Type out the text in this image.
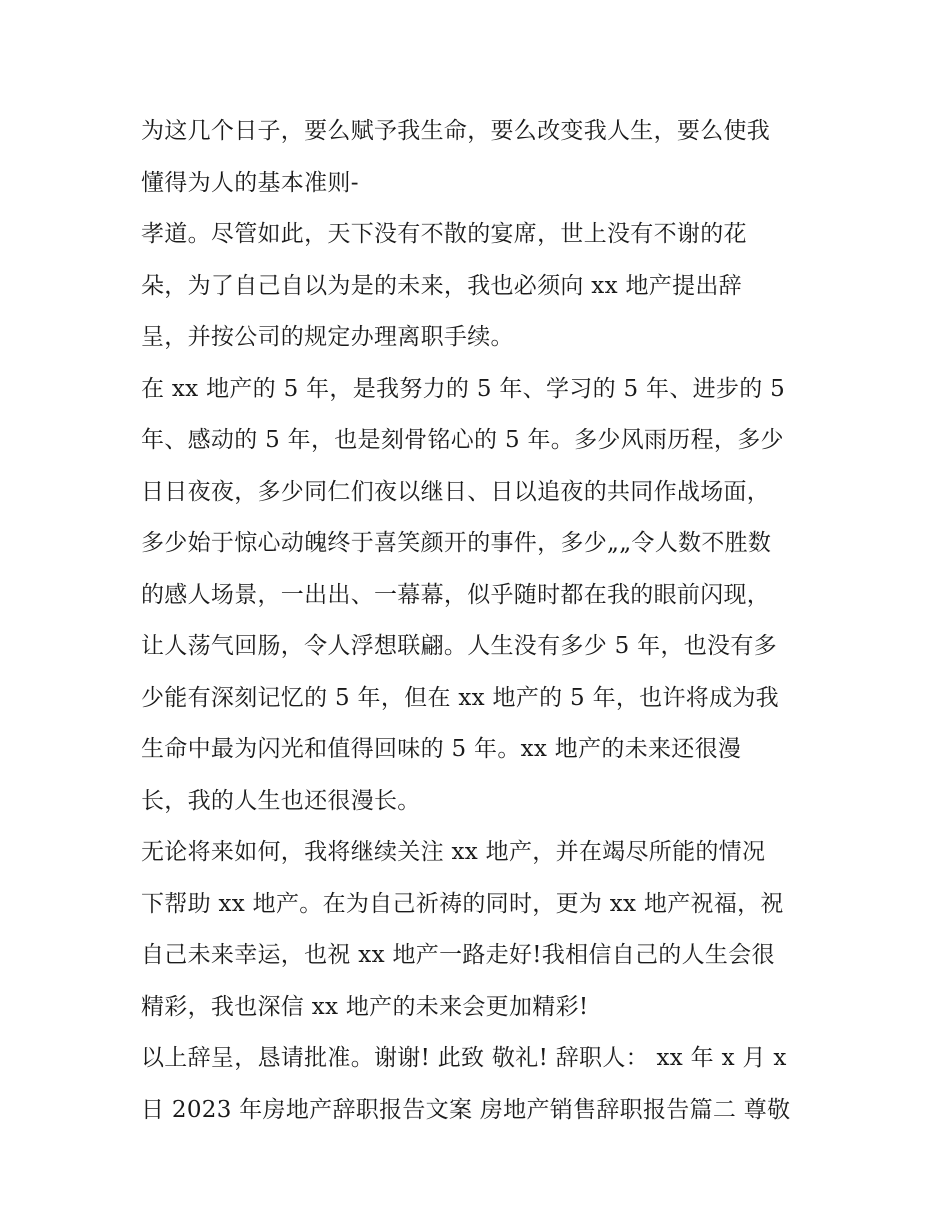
为这几个日子，要么赋予我生命，要么改变我人生，要么使我
懂得为人的基本准则-
孝道。尽管如此，天下没有不散的宴席，世上没有不谢的花
朵，为了自己自以为是的未来，我也必须向 xx 地产提出辞
呈，并按公司的规定办理离职手续。
在 xx 地产的 5 年，是我努力的 5 年、学习的 5 年、进步的 5
年、感动的 5 年，也是刻骨铭心的 5 年。多少风雨历程，多少
日日夜夜，多少同仁们夜以继日、日以追夜的共同作战场面，
多少始于惊心动魄终于喜笑颜开的事件，多少„„令人数不胜数
的感人场景，一出出、一幕幕，似乎随时都在我的眼前闪现，
让人荡气回肠，令人浮想联翩。人生没有多少 5 年，也没有多
少能有深刻记忆的 5 年，但在 xx 地产的 5 年，也许将成为我
生命中最为闪光和值得回味的 5 年。xx 地产的未来还很漫
长，我的人生也还很漫长。
无论将来如何，我将继续关注 xx 地产，并在竭尽所能的情况
下帮助 xx 地产。在为自己祈祷的同时，更为 xx 地产祝福，祝
自己未来幸运，也祝 xx 地产一路走好!我相信自己的人生会很
精彩，我也深信 xx 地产的未来会更加精彩!
以上辞呈，恳请批准。谢谢! 此致 敬礼! 辞职人： xx 年 x 月 x
日 2023 年房地产辞职报告文案 房地产销售辞职报告篇二 尊敬
